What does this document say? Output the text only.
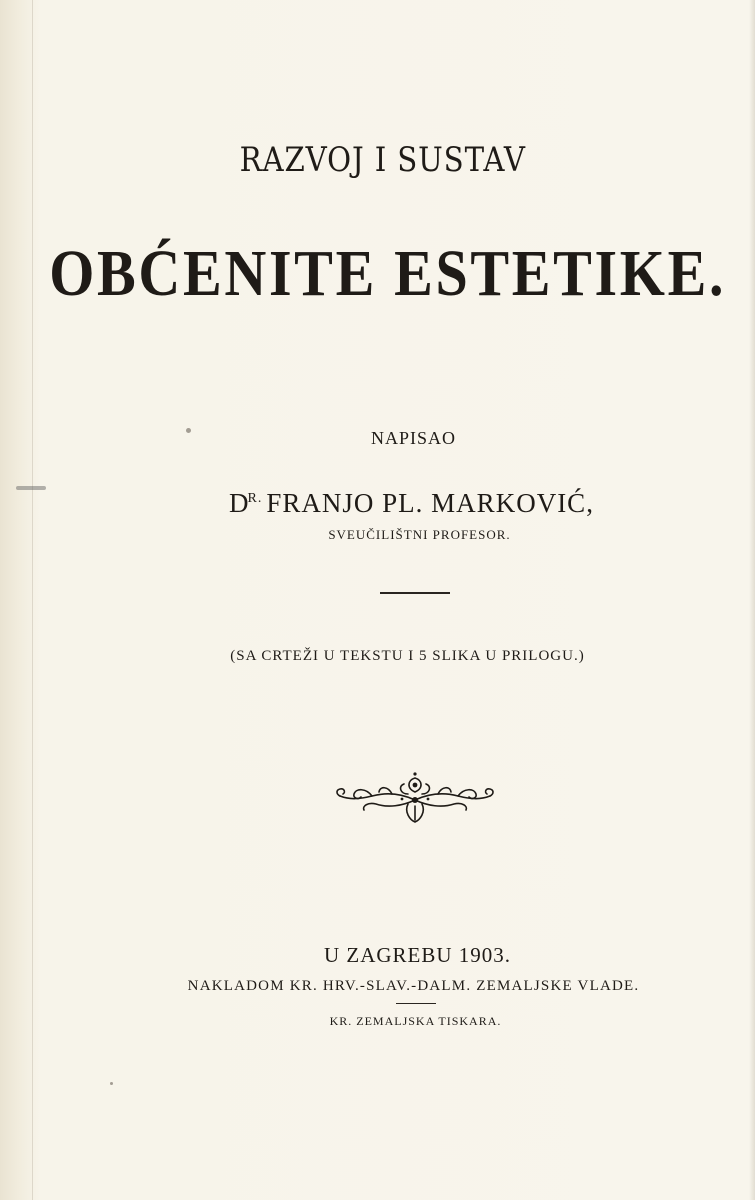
RAZVOJ I SUSTAV
OBĆENITE ESTETIKE.
NAPISAO
$D^{R.}$ FRANJO PL. MARKOVIĆ,
SVEUČILIŠTNI PROFESOR.
(SA CRTEŽI U TEKSTU I 5 SLIKA U PRILOGU.)
U ZAGREBU 1903.
NAKLADOM KR. HRV.-SLAV.-DALM. ZEMALJSKE VLADE.
KR. ZEMALJSKA TISKARA.
